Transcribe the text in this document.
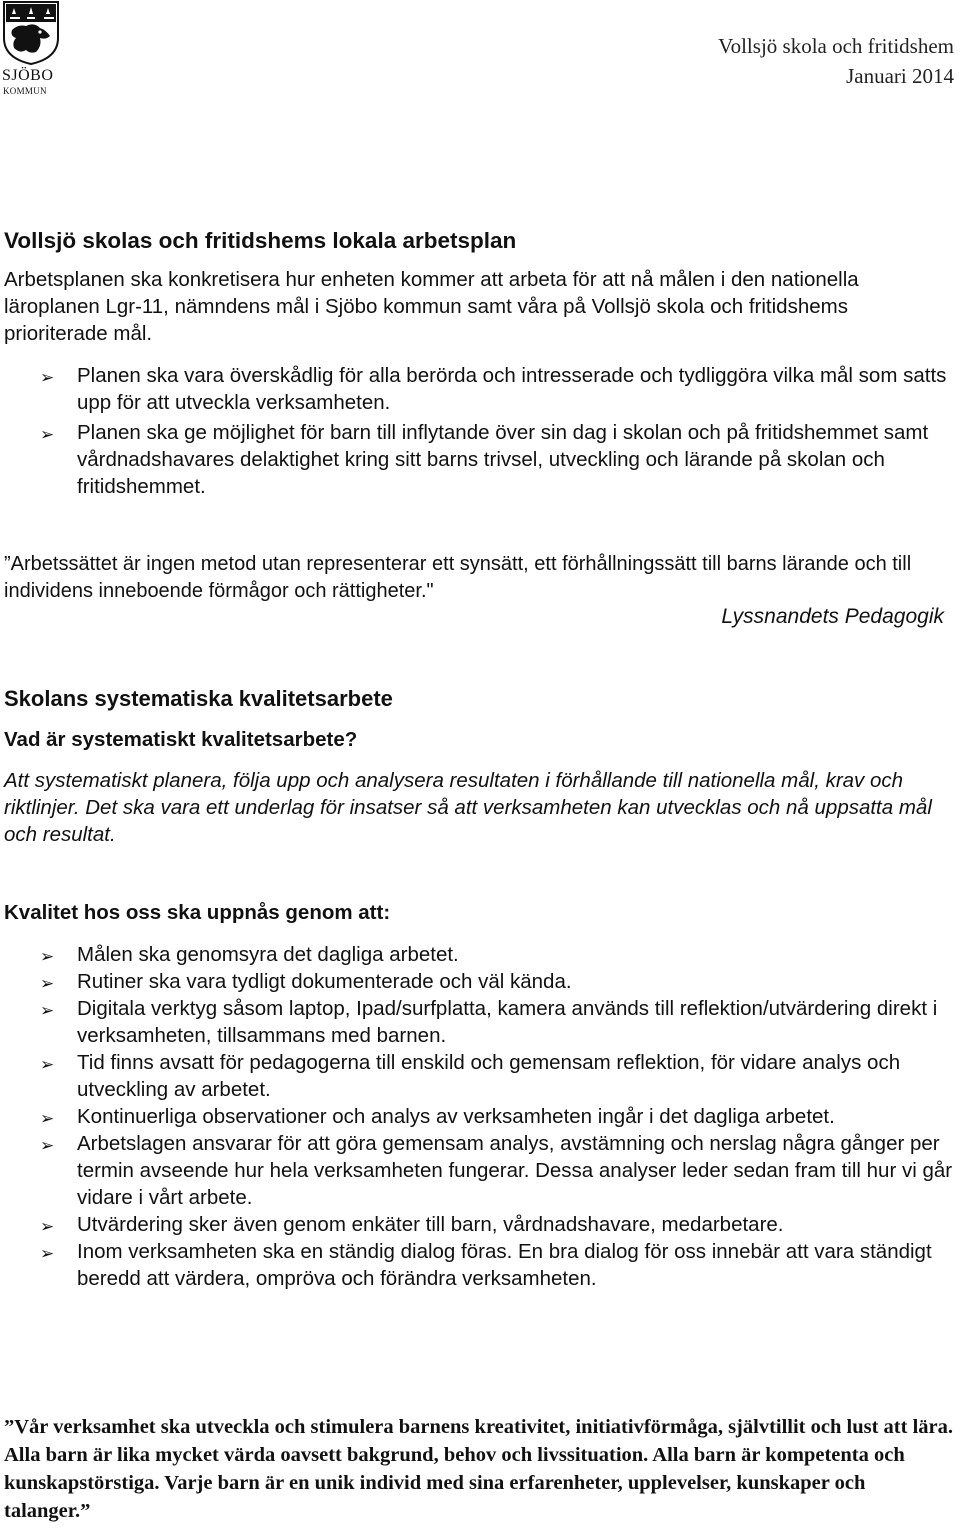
SJÖBO
KOMMUN
Vollsjö skola och fritidshem
Januari 2014
Vollsjö skolas och fritidshems lokala arbetsplan
Arbetsplanen ska konkretisera hur enheten kommer att arbeta för att nå målen i den nationella läroplanen Lgr-11, nämndens mål i Sjöbo kommun samt våra på Vollsjö skola och fritidshems prioriterade mål.
➢ Planen ska vara överskådlig för alla berörda och intresserade och tydliggöra vilka mål som satts upp för att utveckla verksamheten.
➢ Planen ska ge möjlighet för barn till inflytande över sin dag i skolan och på fritidshemmet samt vårdnadshavares delaktighet kring sitt barns trivsel, utveckling och lärande på skolan och fritidshemmet.
”Arbetssättet är ingen metod utan representerar ett synsätt, ett förhållningssätt till barns lärande och till individens inneboende förmågor och rättigheter."
Lyssnandets Pedagogik
Skolans systematiska kvalitetsarbete
Vad är systematiskt kvalitetsarbete?
Att systematiskt planera, följa upp och analysera resultaten i förhållande till nationella mål, krav och riktlinjer. Det ska vara ett underlag för insatser så att verksamheten kan utvecklas och nå uppsatta mål och resultat.
Kvalitet hos oss ska uppnås genom att:
➢ Målen ska genomsyra det dagliga arbetet.
➢ Rutiner ska vara tydligt dokumenterade och väl kända.
➢ Digitala verktyg såsom laptop, Ipad/surfplatta, kamera används till reflektion/utvärdering direkt i verksamheten, tillsammans med barnen.
➢ Tid finns avsatt för pedagogerna till enskild och gemensam reflektion, för vidare analys och utveckling av arbetet.
➢ Kontinuerliga observationer och analys av verksamheten ingår i det dagliga arbetet.
➢ Arbetslagen ansvarar för att göra gemensam analys, avstämning och nerslag några gånger per termin avseende hur hela verksamheten fungerar. Dessa analyser leder sedan fram till hur vi går vidare i vårt arbete.
➢ Utvärdering sker även genom enkäter till barn, vårdnadshavare, medarbetare.
➢ Inom verksamheten ska en ständig dialog föras. En bra dialog för oss innebär att vara ständigt beredd att värdera, ompröva och förändra verksamheten.
”Vår verksamhet ska utveckla och stimulera barnens kreativitet, initiativförmåga, självtillit och lust att lära. Alla barn är lika mycket värda oavsett bakgrund, behov och livssituation. Alla barn är kompetenta och kunskapstörstiga. Varje barn är en unik individ med sina erfarenheter, upplevelser, kunskaper och talanger.”
